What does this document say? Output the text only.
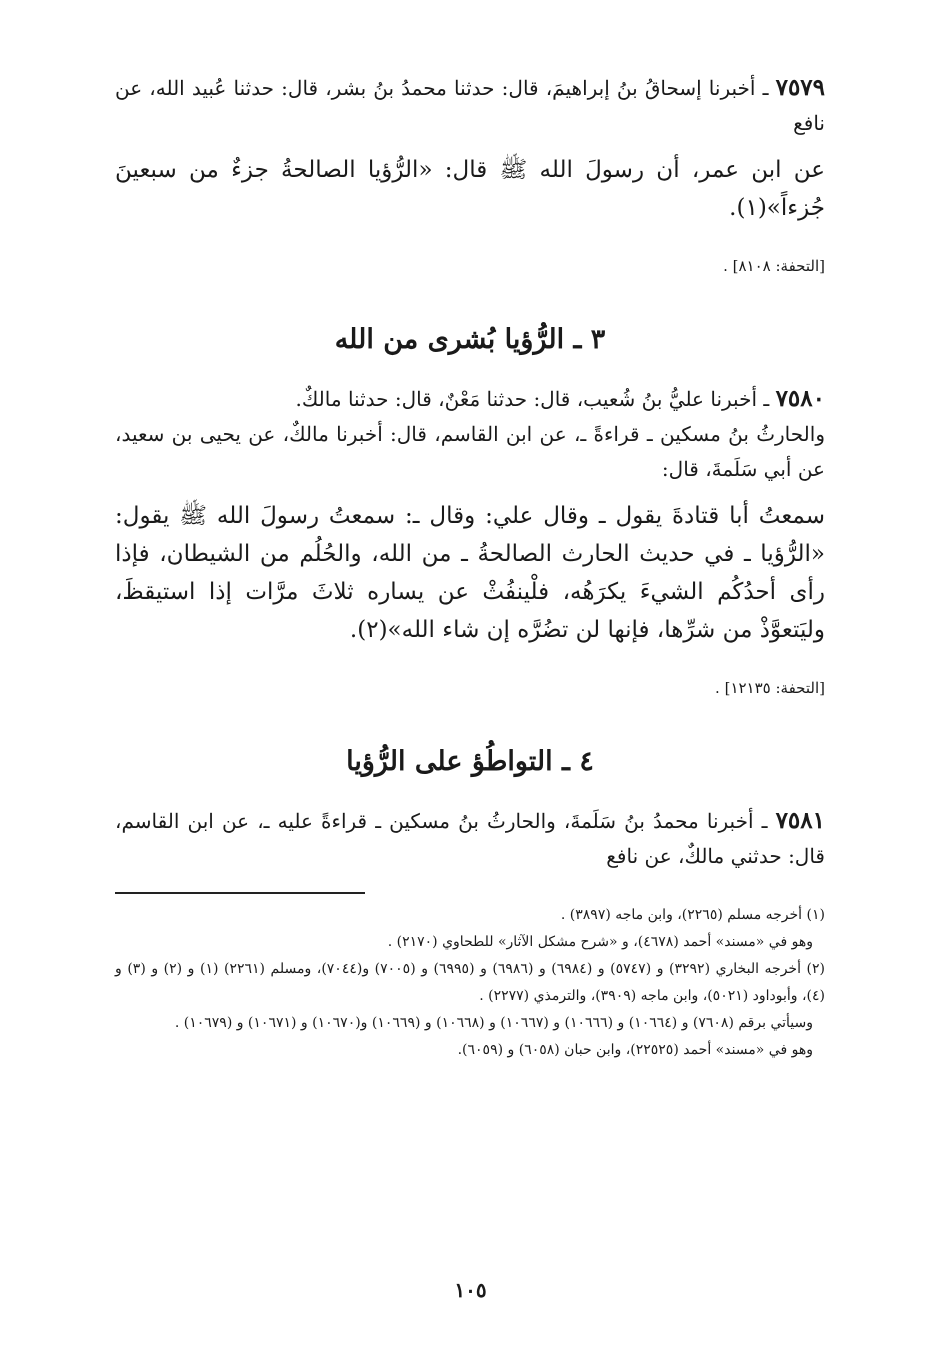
٧٥٧٩ ـ أخبرنا إسحاقُ بنُ إبراهيمَ، قال: حدثنا محمدُ بنُ بشر، قال: حدثنا عُبيد الله، عن نافع

عن ابن عمر، أن رسولَ الله ﷺ قال: «الرُّؤيا الصالحةُ جزءٌ من سبعينَ جُزءاً»(١).

[التحفة: ٨١٠٨] .

٣ ـ الرُّؤيا بُشرى من الله

٧٥٨٠ ـ أخبرنا عليُّ بنُ شُعيب، قال: حدثنا مَعْنٌ، قال: حدثنا مالكٌ.

والحارثُ بنُ مسكين ـ قراءةً ـ، عن ابن القاسم، قال: أخبرنا مالكٌ، عن يحيى بن سعيد، عن أبي سَلَمةَ، قال:

سمعتُ أبا قتادةَ يقول ـ وقال علي: وقال ـ: سمعتُ رسولَ الله ﷺ يقول: «الرُّؤيا ـ في حديث الحارث الصالحةُ ـ من الله، والحُلُم من الشيطان، فإذا رأى أحدُكُم الشيءَ يكرَهُه، فلْينفُثْ عن يساره ثلاثَ مرَّات إذا استيقظَ، وليَتعوَّذْ من شرِّها، فإنها لن تضُرَّه إن شاء الله»(٢).

[التحفة: ١٢١٣٥] .

٤ ـ التواطُؤ على الرُّؤيا

٧٥٨١ ـ أخبرنا محمدُ بنُ سَلَمةَ، والحارثُ بنُ مسكين ـ قراءةً عليه ـ، عن ابن القاسم، قال: حدثني مالكٌ، عن نافع

(١) أخرجه مسلم (٢٢٦٥)، وابن ماجه (٣٨٩٧) .

وهو في «مسند» أحمد (٤٦٧٨)، و «شرح مشكل الآثار» للطحاوي (٢١٧٠) .

(٢) أخرجه البخاري (٣٢٩٢) و (٥٧٤٧) و (٦٩٨٤) و (٦٩٨٦) و (٦٩٩٥) و (٧٠٠٥) و(٧٠٤٤)، ومسلم (٢٢٦١) (١) و (٢) و (٣) و (٤)، وأبوداود (٥٠٢١)، وابن ماجه (٣٩٠٩)، والترمذي (٢٢٧٧) .

وسيأتي برقم (٧٦٠٨) و (١٠٦٦٤) و (١٠٦٦٦) و (١٠٦٦٧) و (١٠٦٦٨) و (١٠٦٦٩) و(١٠٦٧٠) و (١٠٦٧١) و (١٠٦٧٩) .

وهو في «مسند» أحمد (٢٢٥٢٥)، وابن حبان (٦٠٥٨) و (٦٠٥٩).

١٠٥
